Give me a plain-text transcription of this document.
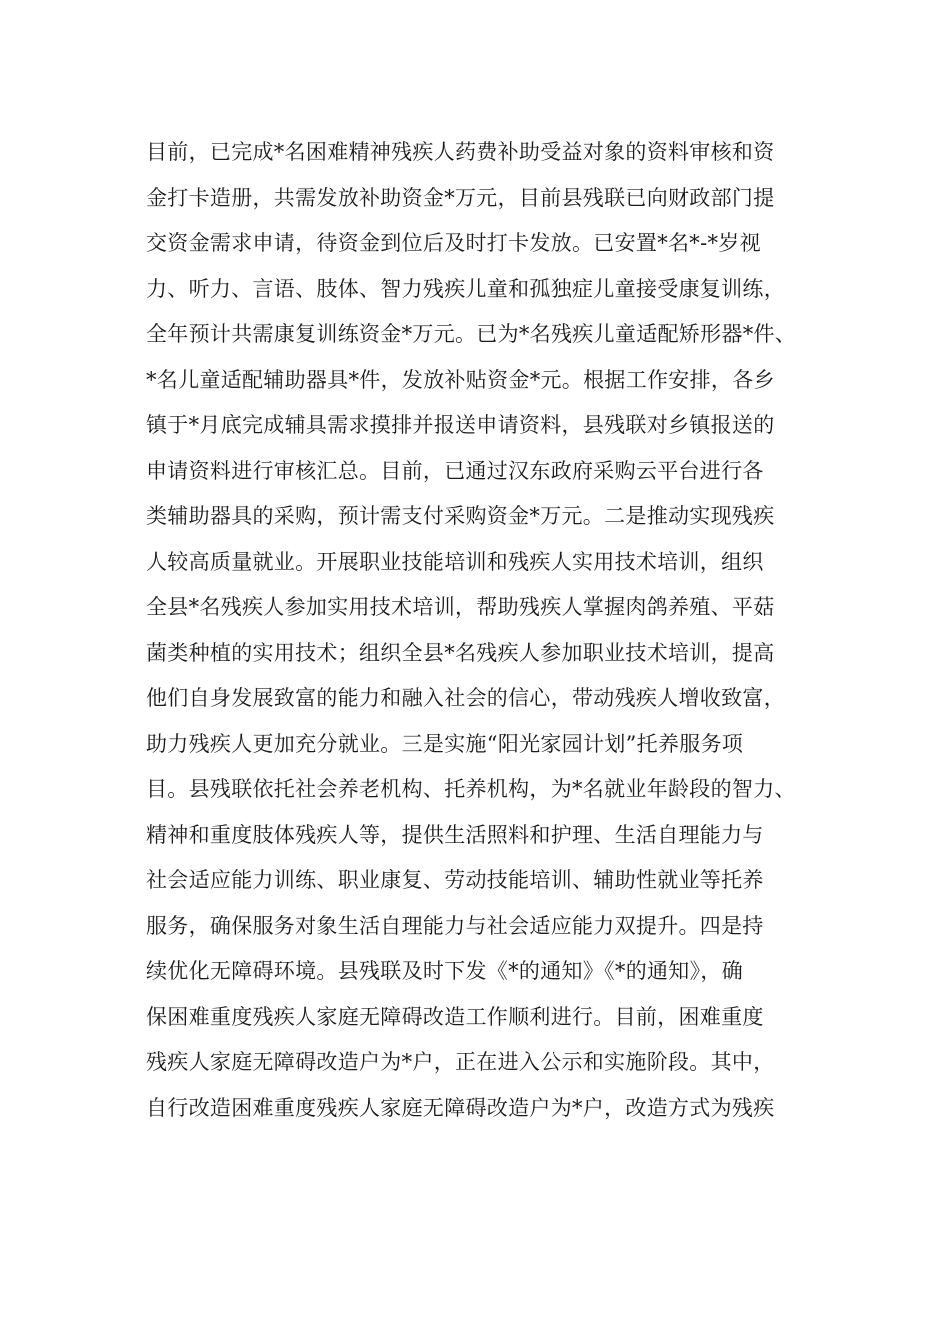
目前，已完成*名困难精神残疾人药费补助受益对象的资料审核和资
金打卡造册，共需发放补助资金*万元，目前县残联已向财政部门提
交资金需求申请，待资金到位后及时打卡发放。已安置*名*-*岁视
力、听力、言语、肢体、智力残疾儿童和孤独症儿童接受康复训练，
全年预计共需康复训练资金*万元。已为*名残疾儿童适配矫形器*件、
*名儿童适配辅助器具*件，发放补贴资金*元。根据工作安排，各乡
镇于*月底完成辅具需求摸排并报送申请资料，县残联对乡镇报送的
申请资料进行审核汇总。目前，已通过汉东政府采购云平台进行各
类辅助器具的采购，预计需支付采购资金*万元。二是推动实现残疾
人较高质量就业。开展职业技能培训和残疾人实用技术培训，组织
全县*名残疾人参加实用技术培训，帮助残疾人掌握肉鸽养殖、平菇
菌类种植的实用技术；组织全县*名残疾人参加职业技术培训，提高
他们自身发展致富的能力和融入社会的信心，带动残疾人增收致富，
助力残疾人更加充分就业。三是实施“阳光家园计划”托养服务项
目。县残联依托社会养老机构、托养机构，为*名就业年龄段的智力、
精神和重度肢体残疾人等，提供生活照料和护理、生活自理能力与
社会适应能力训练、职业康复、劳动技能培训、辅助性就业等托养
服务，确保服务对象生活自理能力与社会适应能力双提升。四是持
续优化无障碍环境。县残联及时下发《*的通知》《*的通知》，确
保困难重度残疾人家庭无障碍改造工作顺利进行。目前，困难重度
残疾人家庭无障碍改造户为*户，正在进入公示和实施阶段。其中，
自行改造困难重度残疾人家庭无障碍改造户为*户，改造方式为残疾
